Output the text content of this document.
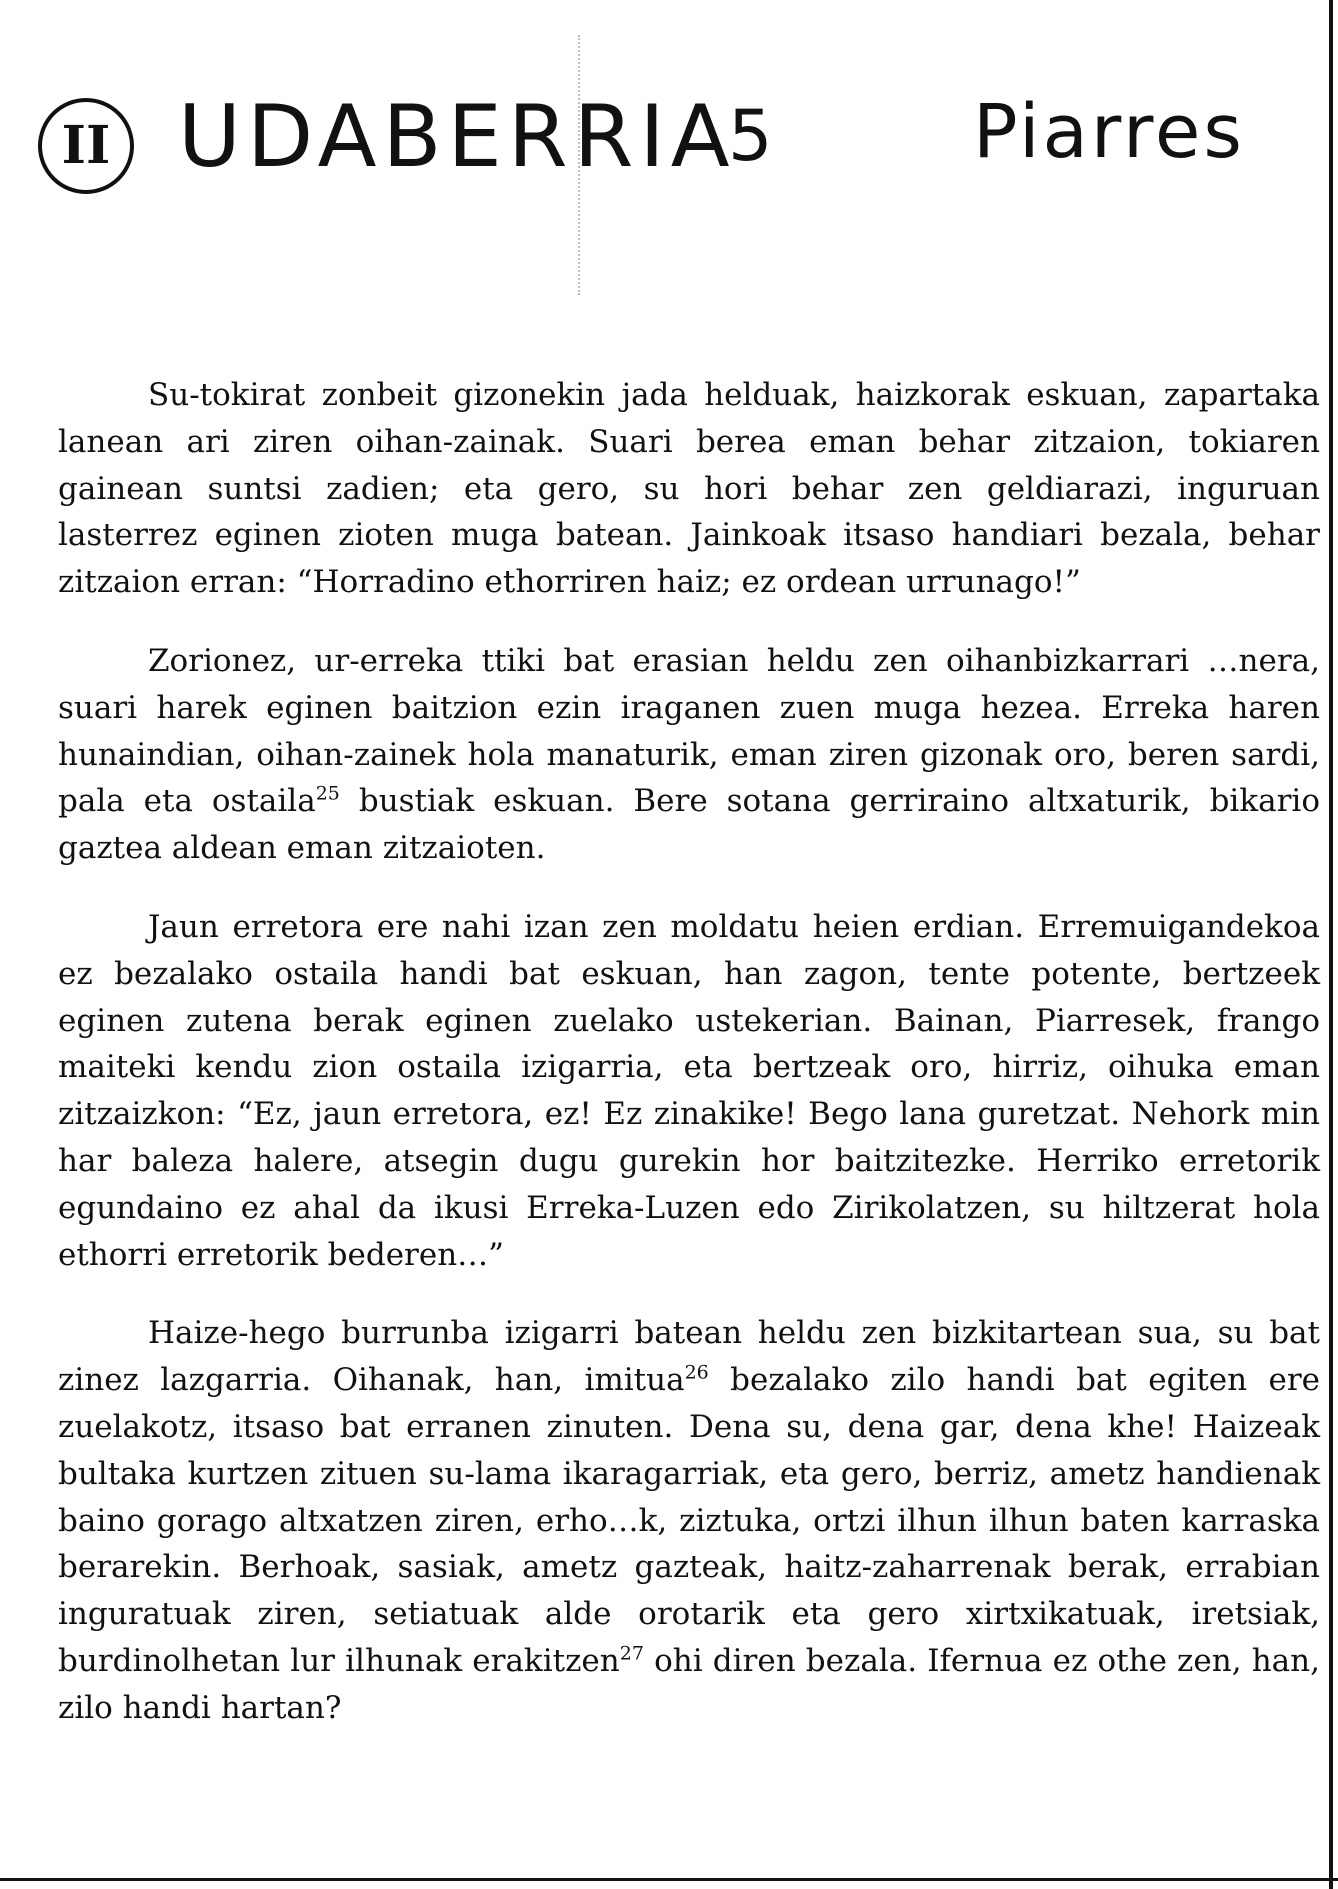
II UDABERRIA
5	Piarres

Su-tokirat zonbeit gizonekin jada helduak, haizkorak eskuan, zapartaka lanean ari ziren oihan-zainak. Suari berea eman behar zitzaion, tokiaren gainean suntsi zadien; eta gero, su hori behar zen geldiarazi, inguruan lasterrez eginen zioten muga batean. Jainkoak itsaso handiari bezala, behar zitzaion erran: “Horradino ethorriren haiz; ez ordean urrunago!”

Zorionez, ur-erreka ttiki bat erasian heldu zen oihanbizkarrari …nera, suari harek eginen baitzion ezin iraganen zuen muga hezea. Erreka haren hunaindian, oihan-zainek hola manaturik, eman ziren gizonak oro, beren sardi, pala eta ostaila$^{25}$ bustiak eskuan. Bere sotana gerriraino altxaturik, bikario gaztea aldean eman zitzaioten.

Jaun erretora ere nahi izan zen moldatu heien erdian. Erremuigandekoa ez bezalako ostaila handi bat eskuan, han zagon, tente potente, bertzeek eginen zutena berak eginen zuelako ustekerian. Bainan, Piarresek, frango maiteki kendu zion ostaila izigarria, eta bertzeak oro, hirriz, oihuka eman zitzaizkon: “Ez, jaun erretora, ez! Ez zinakike! Bego lana guretzat. Nehork min har baleza halere, atsegin dugu gurekin hor baitzitezke. Herriko erretorik egundaino ez ahal da ikusi Erreka-Luzen edo Zirikolatzen, su hiltzerat hola ethorri erretorik bederen…”

Haize-hego burrunba izigarri batean heldu zen bizkitartean sua, su bat zinez lazgarria. Oihanak, han, imitua$^{26}$ bezalako zilo handi bat egiten ere zuelakotz, itsaso bat erranen zinuten. Dena su, dena gar, dena khe! Haizeak bultaka kurtzen zituen su-lama ikaragarriak, eta gero, berriz, ametz handienak baino gorago altxatzen ziren, erho…k, ziztuka, ortzi ilhun ilhun baten karraska berarekin. Berhoak, sasiak, ametz gazteak, haitz-zaharrenak berak, errabian inguratuak ziren, setiatuak alde orotarik eta gero xirtxikatuak, iretsiak, burdinolhetan lur ilhunak erakitzen$^{27}$ ohi diren bezala. Ifernua ez othe zen, han, zilo handi hartan?
